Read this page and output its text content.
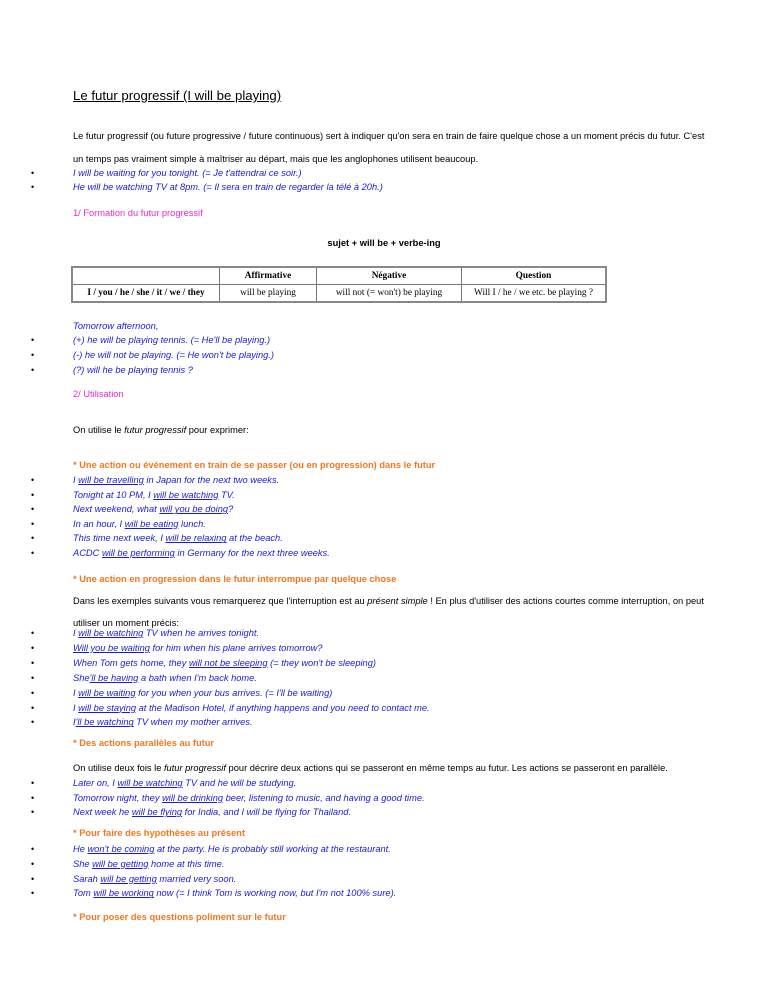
Le futur progressif (I will be playing)
Le futur progressif (ou future progressive / future continuous) sert à indiquer qu'on sera en train de faire quelque chose a un moment précis du futur. C'est
un temps pas vraiment simple à maîtriser au départ, mais que les anglophones utilisent beaucoup.
•	I will be waiting for you tonight. (= Je t'attendrai ce soir.)
•	He will be watching TV at 8pm. (= Il sera en train de regarder la télé à 20h.)
1/ Formation du futur progressif
sujet + will be + verbe-ing
	Affirmative	Négative	Question
I / you / he / she / it / we / they	will be playing	will not (= won't) be playing	Will I / he / we etc. be playing ?
Tomorrow afternoon,
•	(+) he will be playing tennis. (= He'll be playing.)
•	(-) he will not be playing. (= He won't be playing.)
•	(?) will he be playing tennis ?
2/ Utilisation
On utilise le futur progressif pour exprimer:
* Une action ou événement en train de se passer (ou en progression) dans le futur
•	I will be travelling in Japan for the next two weeks.
•	Tonight at 10 PM, I will be watching TV.
•	Next weekend, what will you be doing?
•	In an hour, I will be eating lunch.
•	This time next week, I will be relaxing at the beach.
•	ACDC will be performing in Germany for the next three weeks.
* Une action en progression dans le futur interrompue par quelque chose
Dans les exemples suivants vous remarquerez que l'interruption est au présent simple ! En plus d'utiliser des actions courtes comme interruption, on peut
utiliser un moment précis:
•	I will be watching TV when he arrives tonight.
•	Will you be waiting for him when his plane arrives tomorrow?
•	When Tom gets home, they will not be sleeping (= they won't be sleeping)
•	She'll be having a bath when I'm back home.
•	I will be waiting for you when your bus arrives. (= I'll be waiting)
•	I will be staying at the Madison Hotel, if anything happens and you need to contact me.
•	I'll be watching TV when my mother arrives.
* Des actions parallèles au futur
On utilise deux fois le futur progressif pour décrire deux actions qui se passeront en même temps au futur. Les actions se passeront en parallèle.
•	Later on, I will be watching TV and he will be studying.
•	Tomorrow night, they will be drinking beer, listening to music, and having a good time.
•	Next week he will be flying for India, and I will be flying for Thailand.
* Pour faire des hypothèses au présent
•	He won't be coming at the party. He is probably still working at the restaurant.
•	She will be getting home at this time.
•	Sarah will be getting married very soon.
•	Tom will be working now (= I think Tom is working now, but I'm not 100% sure).
* Pour poser des questions poliment sur le futur
